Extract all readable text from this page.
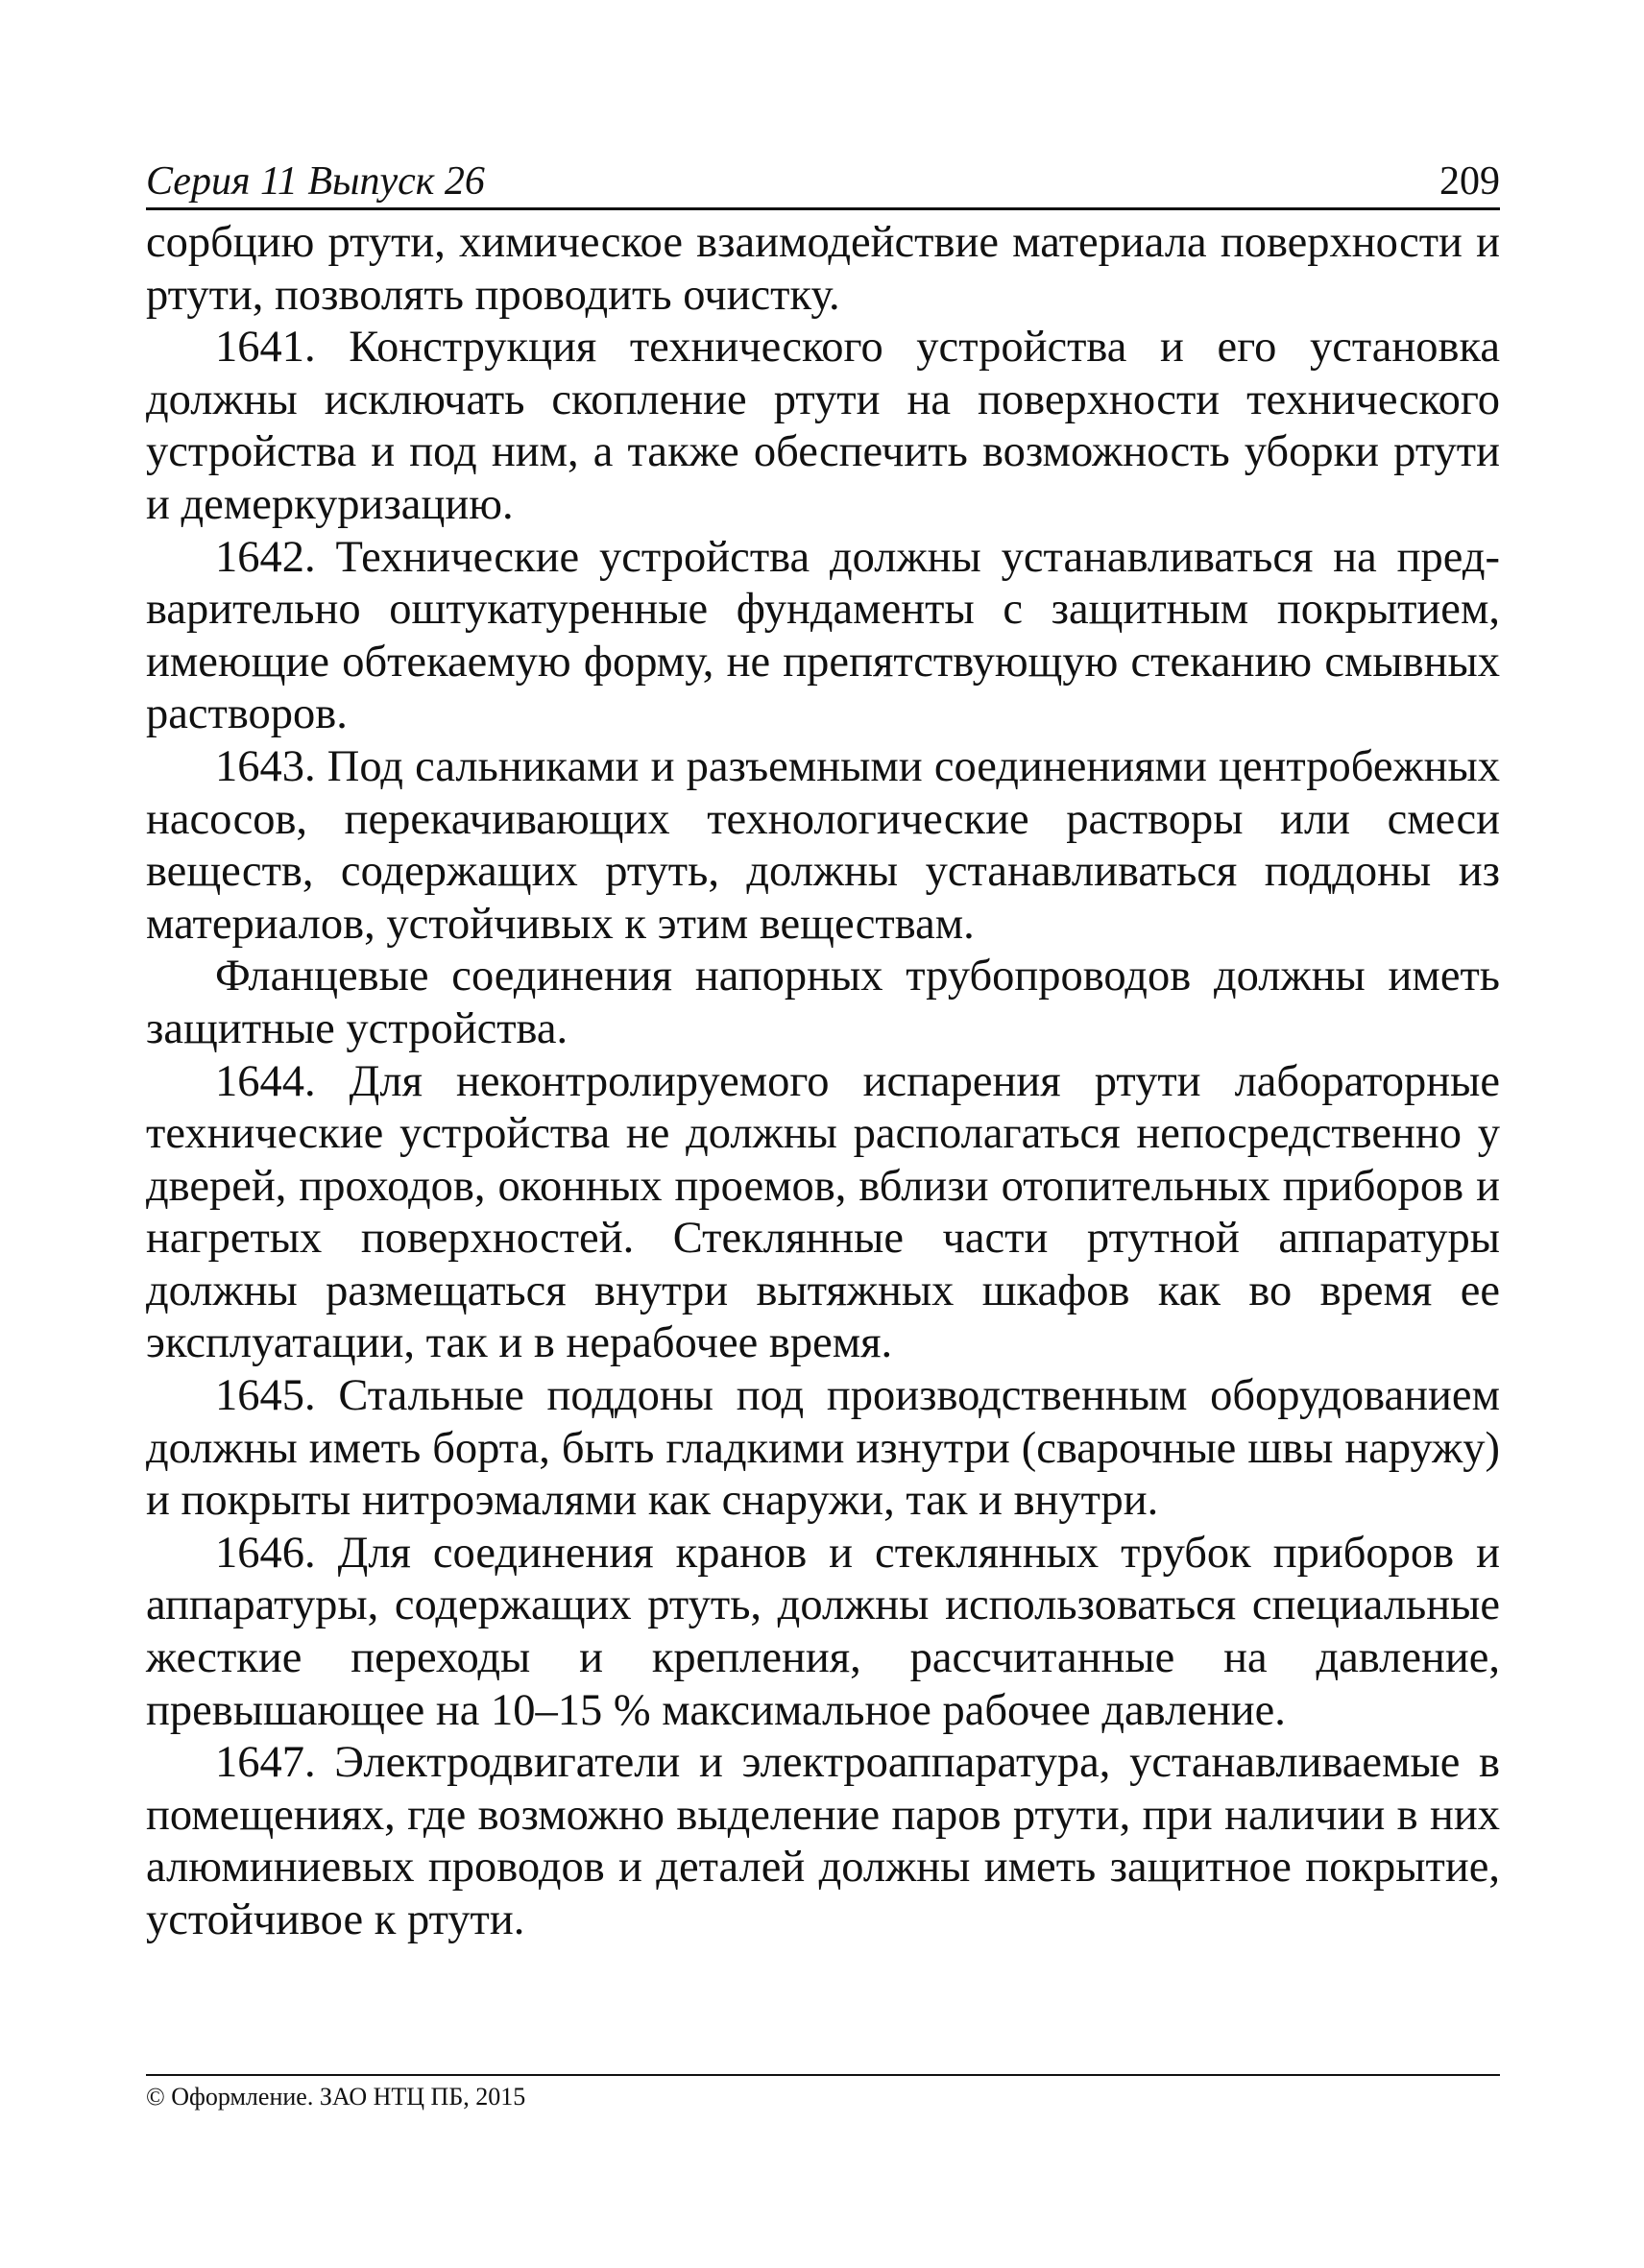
Серия 11 Выпуск 26	209

сорбцию ртути, химическое взаимодействие материала поверхности и ртути, позволять проводить очистку.

1641. Конструкция технического устройства и его установка должны исключать скопление ртути на поверхности технического устройства и под ним, а также обеспечить возможность уборки ртути и демеркуризацию.

1642. Технические устройства должны устанавливаться на предварительно оштукатуренные фундаменты с защитным покрытием, имеющие обтекаемую форму, не препятствующую стеканию смывных растворов.

1643. Под сальниками и разъемными соединениями центробежных насосов, перекачивающих технологические растворы или смеси веществ, содержащих ртуть, должны устанавливаться поддоны из материалов, устойчивых к этим веществам.

Фланцевые соединения напорных трубопроводов должны иметь защитные устройства.

1644. Для неконтролируемого испарения ртути лабораторные технические устройства не должны располагаться непосредственно у дверей, проходов, оконных проемов, вблизи отопительных приборов и нагретых поверхностей. Стеклянные части ртутной аппаратуры должны размещаться внутри вытяжных шкафов как во время ее эксплуатации, так и в нерабочее время.

1645. Стальные поддоны под производственным оборудованием должны иметь борта, быть гладкими изнутри (сварочные швы наружу) и покрыты нитроэмалями как снаружи, так и внутри.

1646. Для соединения кранов и стеклянных трубок приборов и аппаратуры, содержащих ртуть, должны использоваться специальные жесткие переходы и крепления, рассчитанные на давление, превышающее на 10–15 % максимальное рабочее давление.

1647. Электродвигатели и электроаппаратура, устанавливаемые в помещениях, где возможно выделение паров ртути, при наличии в них алюминиевых проводов и деталей должны иметь защитное покрытие, устойчивое к ртути.

© Оформление. ЗАО НТЦ ПБ, 2015
